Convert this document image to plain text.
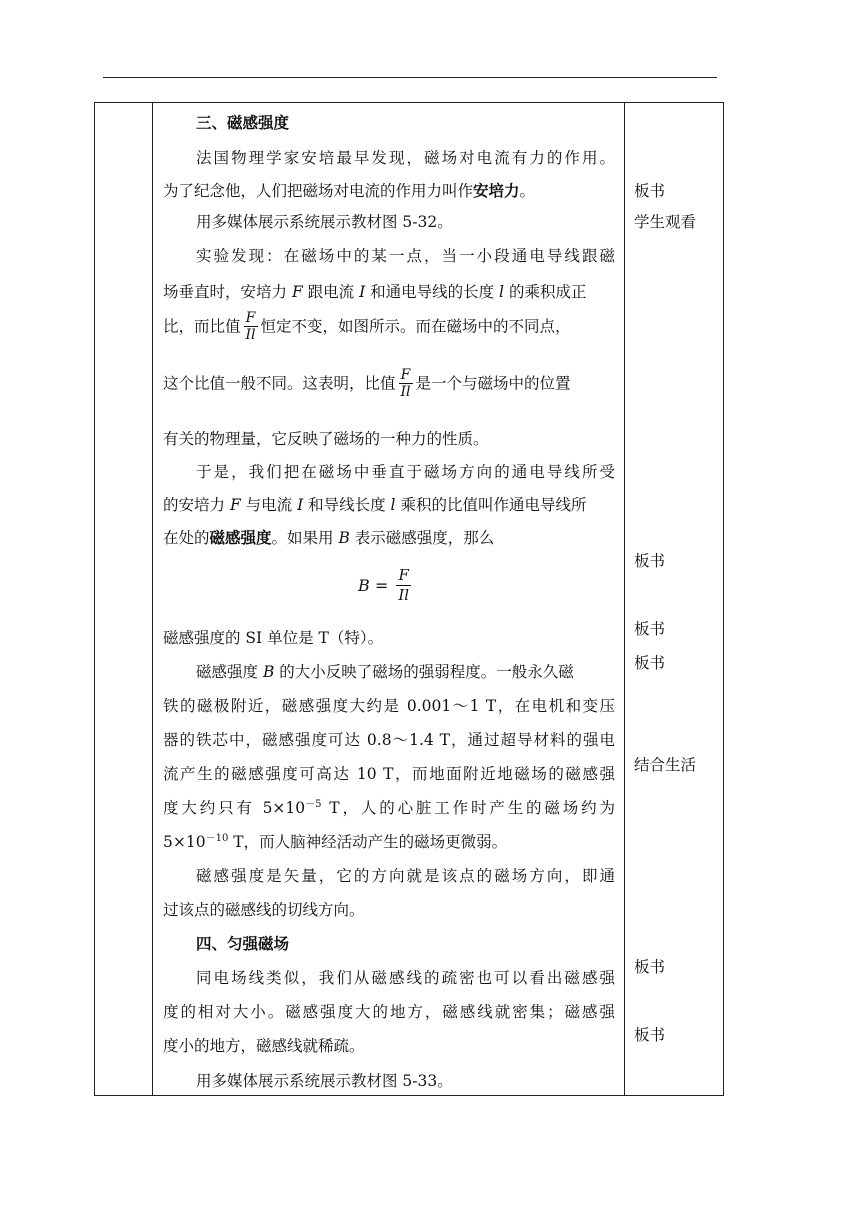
三、磁感强度
法国物理学家安培最早发现，磁场对电流有力的作用。
为了纪念他，人们把磁场对电流的作用力叫作安培力。
用多媒体展示系统展示教材图 5-32。
实验发现：在磁场中的某一点，当一小段通电导线跟磁
场垂直时，安培力 F 跟电流 I 和通电导线的长度 l 的乘积成正
比，而比值 $\frac{F}{Il}$ 恒定不变，如图所示。而在磁场中的不同点，
这个比值一般不同。这表明，比值 $\frac{F}{Il}$ 是一个与磁场中的位置
有关的物理量，它反映了磁场的一种力的性质。
于是，我们把在磁场中垂直于磁场方向的通电导线所受
的安培力 F 与电流 I 和导线长度 l 乘积的比值叫作通电导线所
在处的磁感强度。如果用 B 表示磁感强度，那么
$B = \frac{F}{Il}$
磁感强度的 SI 单位是 T（特）。
磁感强度 B 的大小反映了磁场的强弱程度。一般永久磁
铁的磁极附近，磁感强度大约是 0.001～1 T，在电机和变压
器的铁芯中，磁感强度可达 0.8～1.4 T，通过超导材料的强电
流产生的磁感强度可高达 10 T，而地面附近地磁场的磁感强
度大约只有 $5\times 10^{-5}$ T，人的心脏工作时产生的磁场约为
$5\times 10^{-10}$ T，而人脑神经活动产生的磁场更微弱。
磁感强度是矢量，它的方向就是该点的磁场方向，即通
过该点的磁感线的切线方向。
四、匀强磁场
同电场线类似，我们从磁感线的疏密也可以看出磁感强
度的相对大小。磁感强度大的地方，磁感线就密集；磁感强
度小的地方，磁感线就稀疏。
用多媒体展示系统展示教材图 5-33。
板书
学生观看
板书
板书
板书
结合生活
板书
板书
